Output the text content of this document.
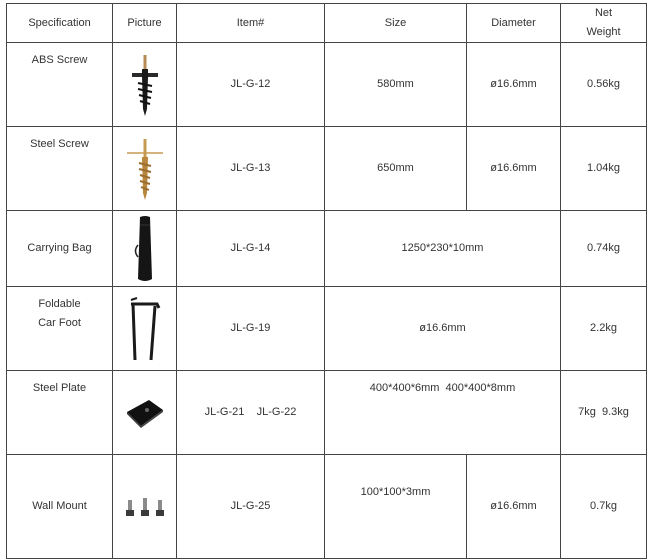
Specification	Picture	Item#	Size	Diameter	Net
Weight

ABS Screw		JL-G-12	580mm	ø16.6mm	0.56kg
Steel Screw		JL-G-13	650mm	ø16.6mm	1.04kg
Carrying Bag		JL-G-14	1250*230*10mm		0.74kg

Foldable
Car Foot		JL-G-19	ø16.6mm		2.2kg
Steel Plate		JL-G-21    JL-G-22	400*400*6mm  400*400*8mm		7kg  9.3kg
Wall Mount		JL-G-25	100*100*3mm	ø16.6mm	0.7kg
